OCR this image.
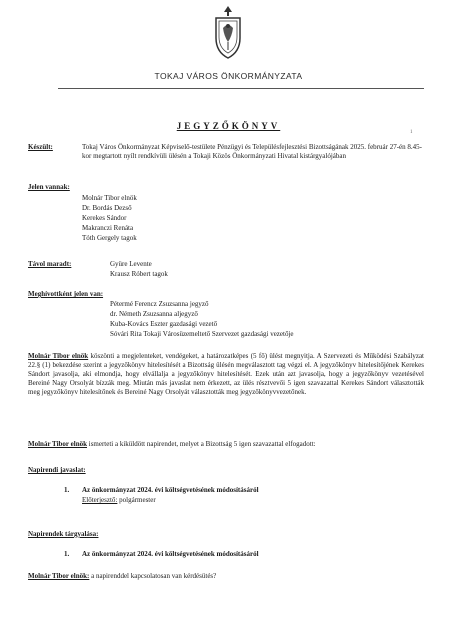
TOKAJ VÁROS ÖNKORMÁNYZATA
JEGYZŐKÖNYV
1
Készült:	Tokaj Város Önkormányzat Képviselő-testülete Pénzügyi és Településfejlesztési Bizottságának 2025. február 27-én 8.45-kor megtartott nyílt rendkívüli ülésén a Tokaji Közös Önkormányzati Hivatal kistárgyalójában
Jelen vannak:
Molnár Tibor elnök
Dr. Bordás Dezső
Kerekes Sándor
Makranczi Renáta
Tóth Gergely tagok
Távol maradt:	Gyüre Levente
Krausz Róbert tagok
Meghívottként jelen van:
Pétermé Ferencz Zsuzsanna jegyző
dr. Németh Zsuzsanna aljegyző
Kuba-Kovács Eszter gazdasági vezető
Sóvári Rita Tokaji Városüzemeltető Szervezet gazdasági vezetője
Molnár Tibor elnök köszönti a megjelenteket, vendégeket, a határozatképes (5 fő) ülést megnyitja. A Szervezeti és Működési Szabályzat 22.§ (1) bekezdése szerint a jegyzőkönyv hitelesítését a Bizottság ülésén megválasztott tag végzi el. A jegyzőkönyv hitelesítőjének Kerekes Sándort javasolja, aki elmondja, hogy elvállalja a jegyzőkönyv hitelesítését. Ezek után azt javasolja, hogy a jegyzőkönyv vezetésével Bereiné Nagy Orsolyát bízzák meg. Miután más javaslat nem érkezett, az ülés résztvevői 5 igen szavazattal Kerekes Sándort választották meg jegyzőkönyv hitelesítőnek és Bereiné Nagy Orsolyát választották meg jegyzőkönyvvezetőnek.
Molnár Tibor elnök ismerteti a kiküldött napirendet, melyet a Bizottság 5 igen szavazattal elfogadott:
Napirendi javaslat:
1. Az önkormányzat 2024. évi költségvetésének módosításáról
Előterjesztő: polgármester
Napirendek tárgyalása:
1. Az önkormányzat 2024. évi költségvetésének módosításáról
Molnár Tibor elnök: a napirenddel kapcsolatosan van kérdésütés?
